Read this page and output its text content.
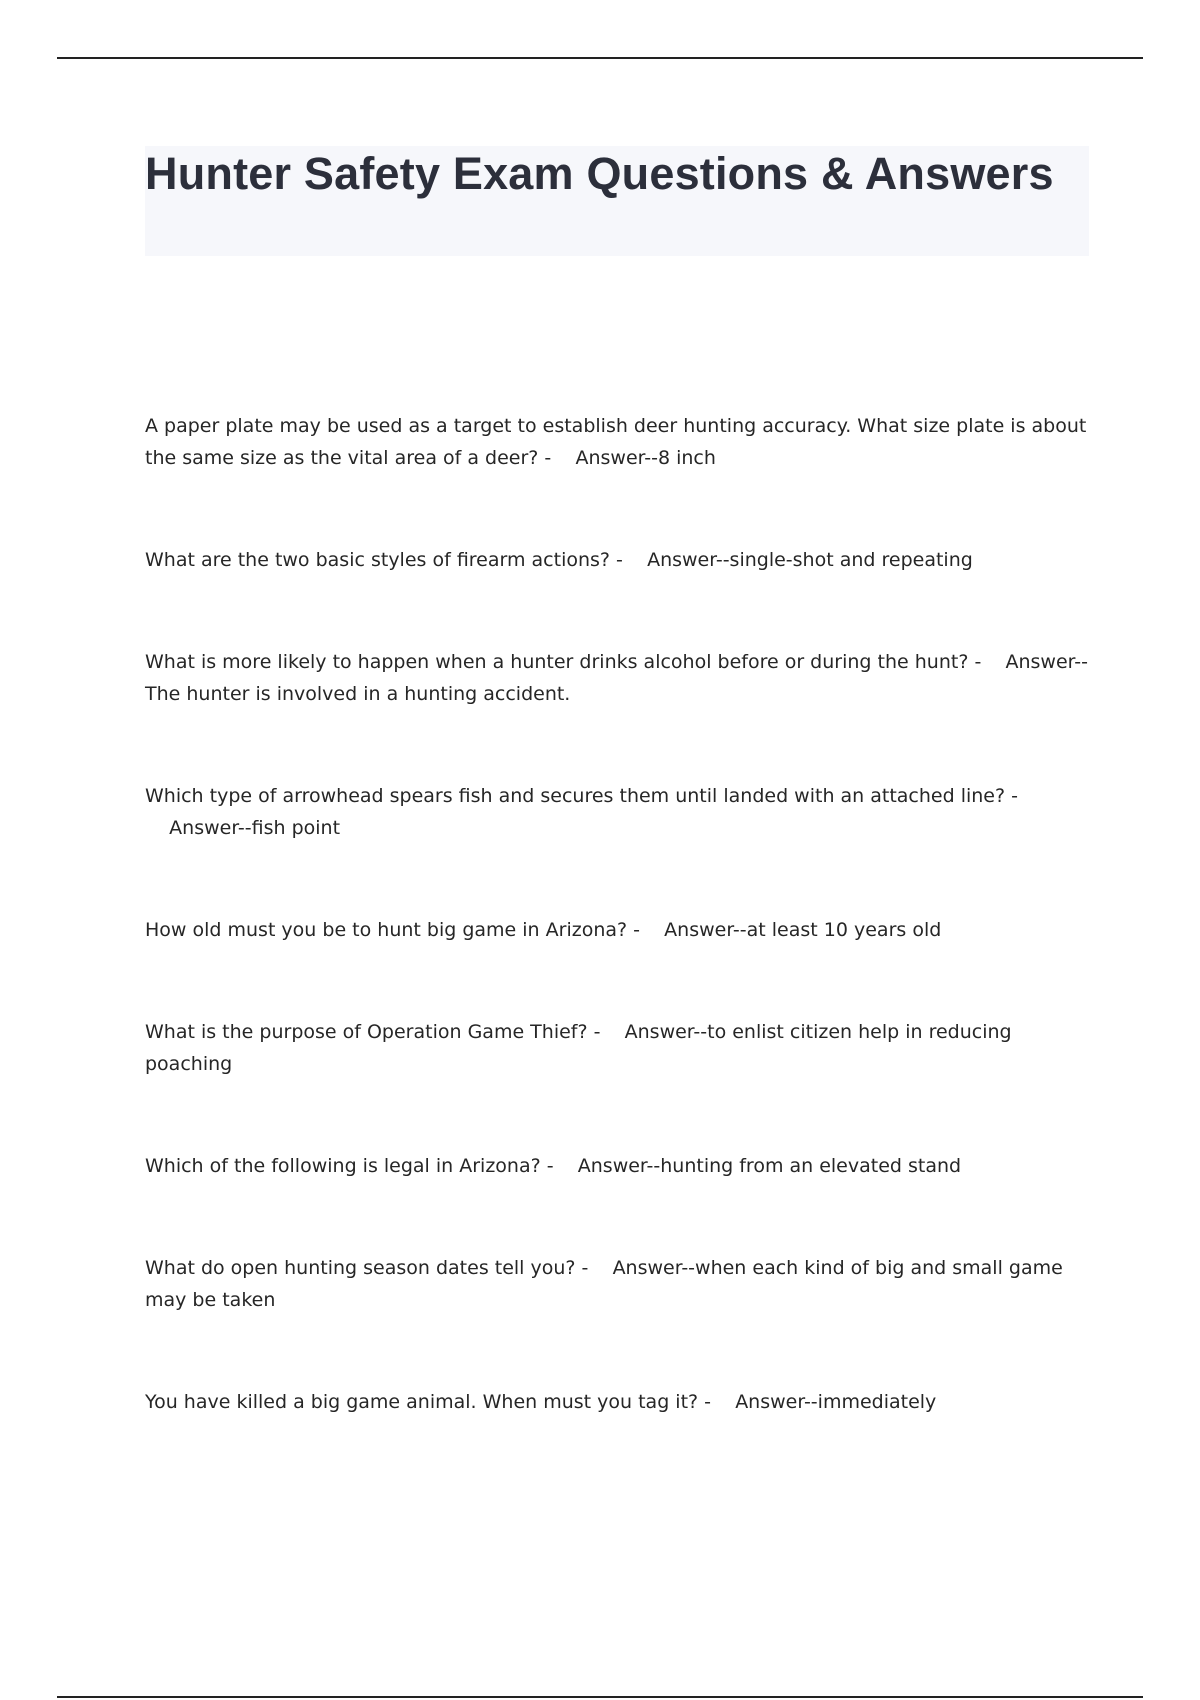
Hunter Safety Exam Questions & Answers

A paper plate may be used as a target to establish deer hunting accuracy. What size plate is about the same size as the vital area of a deer? - Answer--8 inch

What are the two basic styles of firearm actions? - Answer--single-shot and repeating

What is more likely to happen when a hunter drinks alcohol before or during the hunt? - Answer--The hunter is involved in a hunting accident.

Which type of arrowhead spears fish and secures them until landed with an attached line? -    Answer--fish point

How old must you be to hunt big game in Arizona? - Answer--at least 10 years old

What is the purpose of Operation Game Thief? - Answer--to enlist citizen help in reducing poaching

Which of the following is legal in Arizona? - Answer--hunting from an elevated stand

What do open hunting season dates tell you? - Answer--when each kind of big and small game may be taken

You have killed a big game animal. When must you tag it? - Answer--immediately
